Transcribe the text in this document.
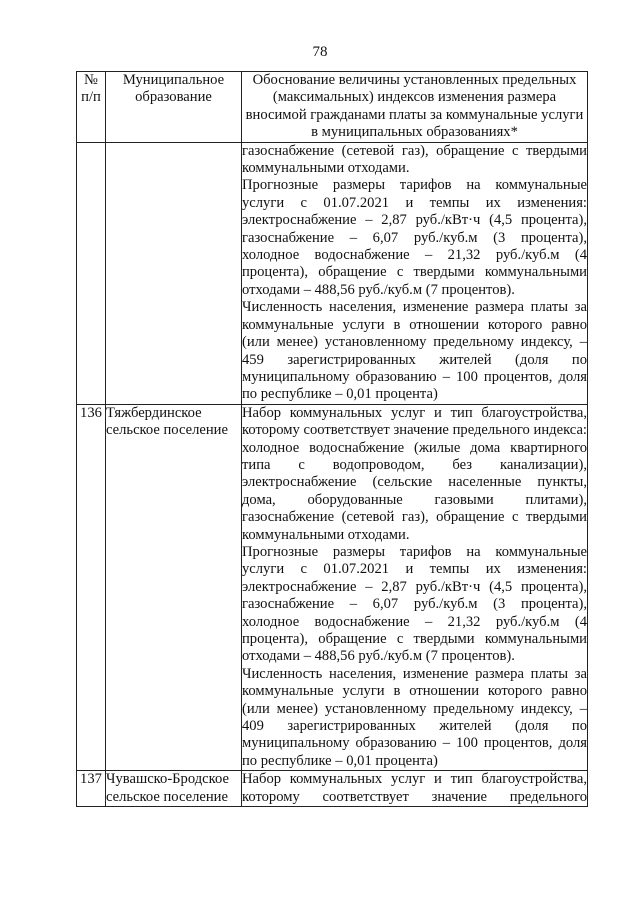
78
№ п/п	Муниципальное образование	Обоснование величины установленных предельных (максимальных) индексов изменения размера вносимой гражданами платы за коммунальные услуги в муниципальных образованиях*

		газоснабжение (сетевой газ), обращение с твердыми коммунальными отходами.

Прогнозные размеры тарифов на коммунальные услуги с 01.07.2021 и темпы их изменения: электроснабжение – 2,87 руб./кВт·ч (4,5 процента), газоснабжение – 6,07 руб./куб.м (3 процента), холодное водоснабжение – 21,32 руб./куб.м (4 процента), обращение с твердыми коммунальными отходами – 488,56 руб./куб.м (7 процентов).

Численность населения, изменение размера платы за коммунальные услуги в отношении которого равно (или менее) установленному предельному индексу, – 459 зарегистрированных жителей (доля по муниципальному образованию – 100 процентов, доля по республике – 0,01 процента)

136	Тяжбердинское сельское поселение	Набор коммунальных услуг и тип благоустройства, которому соответствует значение предельного индекса: холодное водоснабжение (жилые дома квартирного типа с водопроводом, без канализации), электроснабжение (сельские населенные пункты, дома, оборудованные газовыми плитами), газоснабжение (сетевой газ), обращение с твердыми коммунальными отходами.

Прогнозные размеры тарифов на коммунальные услуги с 01.07.2021 и темпы их изменения: электроснабжение – 2,87 руб./кВт·ч (4,5 процента), газоснабжение – 6,07 руб./куб.м (3 процента), холодное водоснабжение – 21,32 руб./куб.м (4 процента), обращение с твердыми коммунальными отходами – 488,56 руб./куб.м (7 процентов).

Численность населения, изменение размера платы за коммунальные услуги в отношении которого равно (или менее) установленному предельному индексу, – 409 зарегистрированных жителей (доля по муниципальному образованию – 100 процентов, доля по республике – 0,01 процента)

137	Чувашско-Бродское сельское поселение	Набор коммунальных услуг и тип благоустройства, которому соответствует значение предельного
